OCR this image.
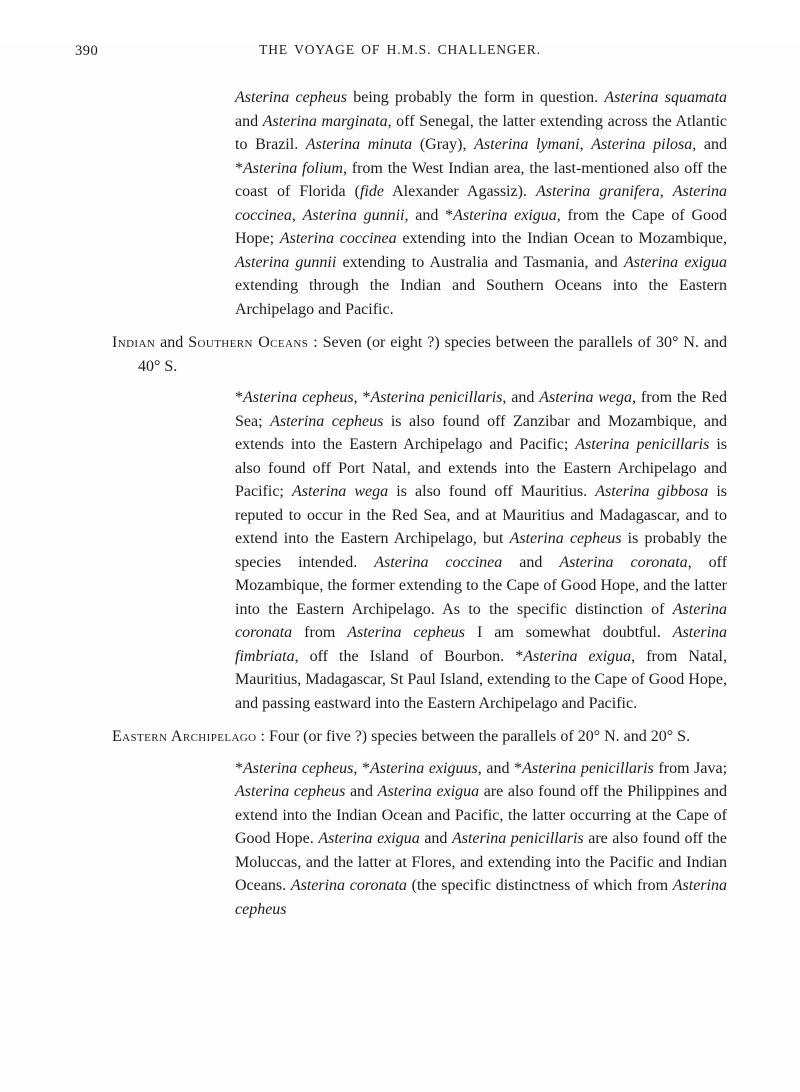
390	THE VOYAGE OF H.M.S. CHALLENGER.

Asterina cepheus being probably the form in question. Asterina squamata and Asterina marginata, off Senegal, the latter extending across the Atlantic to Brazil. Asterina minuta (Gray), Asterina lymani, Asterina pilosa, and *Asterina folium, from the West Indian area, the last-mentioned also off the coast of Florida (fide Alexander Agassiz). Asterina granifera, Asterina coccinea, Asterina gunnii, and *Asterina exigua, from the Cape of Good Hope; Asterina coccinea extending into the Indian Ocean to Mozambique, Asterina gunnii extending to Australia and Tasmania, and Asterina exigua extending through the Indian and Southern Oceans into the Eastern Archipelago and Pacific.

Indian and Southern Oceans : Seven (or eight ?) species between the parallels of 30° N. and 40° S.

*Asterina cepheus, *Asterina penicillaris, and Asterina wega, from the Red Sea; Asterina cepheus is also found off Zanzibar and Mozambique, and extends into the Eastern Archipelago and Pacific; Asterina penicillaris is also found off Port Natal, and extends into the Eastern Archipelago and Pacific; Asterina wega is also found off Mauritius. Asterina gibbosa is reputed to occur in the Red Sea, and at Mauritius and Madagascar, and to extend into the Eastern Archipelago, but Asterina cepheus is probably the species intended. Asterina coccinea and Asterina coronata, off Mozambique, the former extending to the Cape of Good Hope, and the latter into the Eastern Archipelago. As to the specific distinction of Asterina coronata from Asterina cepheus I am somewhat doubtful. Asterina fimbriata, off the Island of Bourbon. *Asterina exigua, from Natal, Mauritius, Madagascar, St Paul Island, extending to the Cape of Good Hope, and passing eastward into the Eastern Archipelago and Pacific.

Eastern Archipelago : Four (or five ?) species between the parallels of 20° N. and 20° S.

*Asterina cepheus, *Asterina exiguus, and *Asterina penicillaris from Java; Asterina cepheus and Asterina exigua are also found off the Philippines and extend into the Indian Ocean and Pacific, the latter occurring at the Cape of Good Hope. Asterina exigua and Asterina penicillaris are also found off the Moluccas, and the latter at Flores, and extending into the Pacific and Indian Oceans. Asterina coronata (the specific distinctness of which from Asterina cepheus
